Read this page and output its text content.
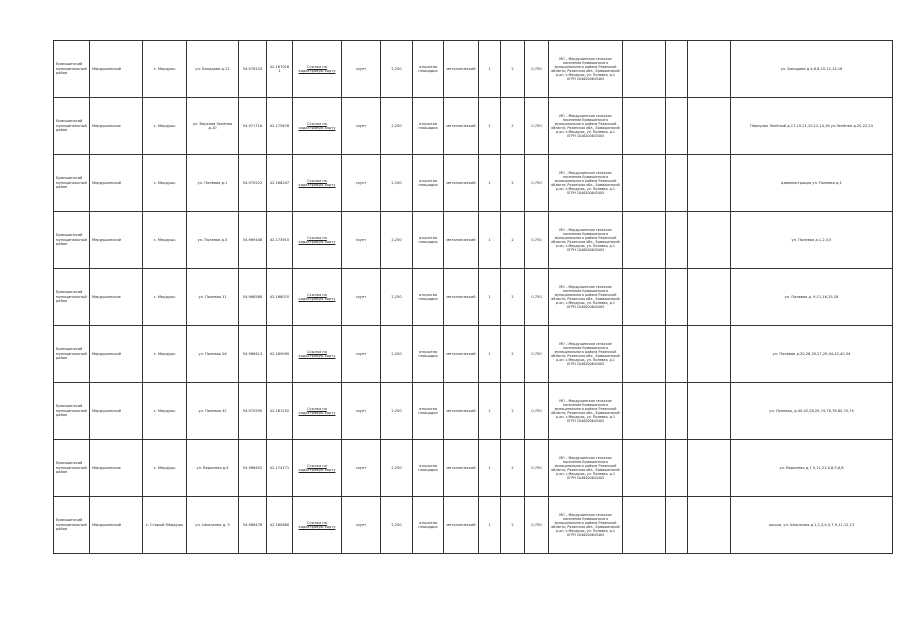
Ермишинский муниципальный район	Мердушинский	с. Мердушь	ул. Болодова д.12	54.978103	42.1670181	Ссылка на кадастровую карту	грунт	2,250	открытая площадка	металлический	1	2	0,750	МО – Мердушинское сельское поселение Ермишинского муниципального района Рязанской области, Рязанская обл., Ермишинский р-он, с.Мердушь, ул. Полевая, д.1 ОГРН 1046200643405				ул. Болодова д.4,6,8,10,12,14,16
Ермишинский муниципальный район	Мердушинское	с. Мердушь	ул. Верхняя Зелёная д.10	54.971716	42.175678	Ссылка на кадастровую карту	грунт	2,250	открытая площадка	металлический	1	2	0,750	МО – Мердушинское сельское поселение Ермишинского муниципального района Рязанской области, Рязанская обл., Ермишинский р-он, с.Мердушь, ул. Полевая, д.1 ОГРН 1046200643405				Переулок Зелёный д.17,19,21,10,12,14,16 ул.Зелёная д.20,22,24
Ермишинский муниципальный район	Мердушинский	с. Мердушь	ул. Полевая д.1	54.970222	42.168247	Ссылка на кадастровую карту	грунт	2,250	открытая площадка	металлический	1	2	0,750	МО – Мердушинское сельское поселение Ермишинского муниципального района Рязанской области, Рязанская обл., Ермишинский р-он, с.Мердушь, ул. Полевая, д.1 ОГРН 1046200643405				администрация ул. Полевая д.1
Ермишинский муниципальный район	Мердушинский	с. Мердушь	ул. Полевая д.5	54.969448	42.173910	Ссылка на кадастровую карту	грунт	2,250	открытая площадка	металлический	1	2	0,750	МО – Мердушинское сельское поселение Ермишинского муниципального района Рязанской области, Рязанская обл., Ермишинский р-он, с.Мердушь, ул. Полевая, д.1 ОГРН 1046200643405				ул. Полевая д.1,2,3,5
Ермишинский муниципальный район	Мердушинское	с. Мердушь	ул. Полевая 11	54.968588	42.168070	Ссылка на кадастровую карту	грунт	2,250	открытая площадка	металлический	1	2	0,750	МО – Мердушинское сельское поселение Ермишинского муниципального района Рязанской области, Рязанская обл., Ермишинский р-он, с.Мердушь, ул. Полевая, д.1 ОГРН 1046200643405				ул. Полевая д. 9,11,16,15,18
Ермишинский муниципальный район	Мердушинский	с. Мердушь	ул. Полевая 26	54.968413	42.169090	Ссылка на кадастровую карту	грунт	2,250	открытая площадка	металлический	1	2	0,750	МО – Мердушинское сельское поселение Ермишинского муниципального района Рязанской области, Рязанская обл., Ермишинский р-он, с.Мердушь, ул. Полевая, д.1 ОГРН 1046200643405				ул. Полевая д.20,26,30,27,29,44,42,40,34
Ермишинский муниципальный район	Мердушинский	с. Мердушь	ул. Полевая 42	54.970290	42.181252	Ссылка на кадастровую карту	грунт	2,250	открытая площадка	металлический	1	2	0,750	МО – Мердушинское сельское поселение Ермишинского муниципального района Рязанской области, Рязанская обл., Ермишинский р-он, с.Мердушь, ул. Полевая, д.1 ОГРН 1046200643405				ул. Полевая, д.40,42,28,29,74,76,78,80,70,74
Ермишинский муниципальный район	Мердушинское	с. Мердушь	ул. Веринная д.4	54.968452	42.174171	Ссылка на кадастровую карту	грунт	2,250	открытая площадка	металлический	1	2	0,750	МО – Мердушинское сельское поселение Ермишинского муниципального района Рязанской области, Рязанская обл., Ермишинский р-он, с.Мердушь, ул. Полевая, д.1 ОГРН 1046200643405				ул. Веринная д.7,9,11,21,4,8,5,6,8
Ермишинский муниципальный район	Мердушинский	с. Старый Мердушь	ул. Школьная д. 3	54.986478	42.160680	Ссылка на кадастровую карту	грунт	2,250	открытая площадка	металлический	1	2	0,750	МО – Мердушинское сельское поселение Ермишинского муниципального района Рязанской области, Рязанская обл., Ермишинский р-он, с.Мердушь, ул. Полевая, д.1 ОГРН 1046200643405				школа, ул. Школьная д.1,2,3,4,5,7,9,11,12,13
